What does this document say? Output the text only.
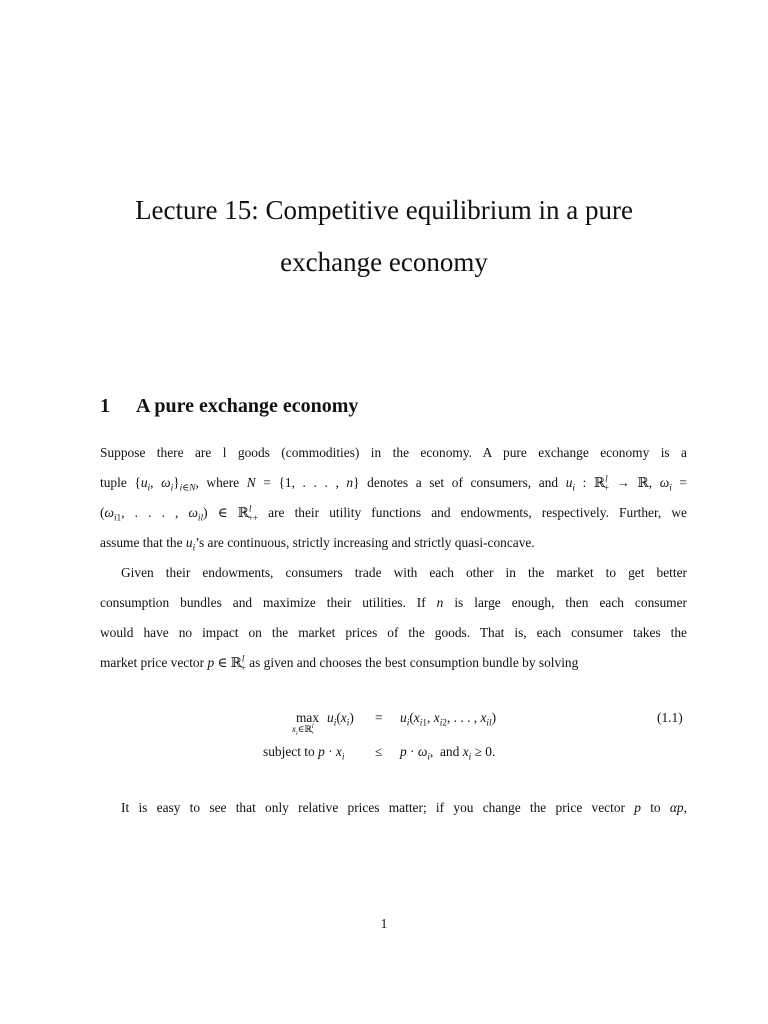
Lecture 15: Competitive equilibrium in a pure
exchange economy
1 A pure exchange economy
Suppose there are l goods (commodities) in the economy. A pure exchange economy is a
tuple {$u_i$, $\omega_i\}_{i\in N}$, where N = {1, . . . , n} denotes a set of consumers, and $u_i$ : ℝ$^l_+$ → ℝ, $\omega_i$ =
($\omega_{i1}$, . . . , $\omega_{il}$) ∈ ℝ$^l_{++}$ are their utility functions and endowments, respectively. Further, we
assume that the $u_i’s$ are continuous, strictly increasing and strictly quasi-concave.
Given their endowments, consumers trade with each other in the market to get better
consumption bundles and maximize their utilities. If n is large enough, then each consumer
would have no impact on the market prices of the goods. That is, each consumer takes the
market price vector p ∈ ℝ$^l_+$ as given and chooses the best consumption bundle by solving
max
$x_i\in ℝ^l_+$
$u_i(x_i) = u_i(x_{i1}$, $x_{i2}$, . . . , $x_{il}$)	(1.1)
subject to $p \cdot x_i \le p \cdot \omega_i$,  and $x_i \ge 0$.
It is easy to see that only relative prices matter; if you change the price vector p to αp,
1
